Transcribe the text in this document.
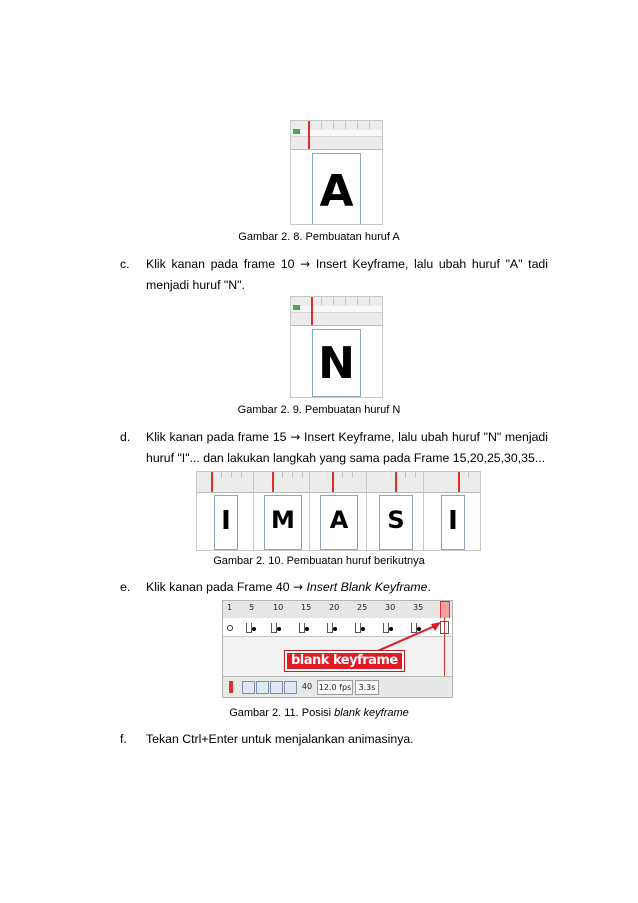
A
Gambar 2. 8. Pembuatan huruf A
c. Klik kanan pada frame 10 → Insert Keyframe, lalu ubah huruf "A" tadi menjadi huruf "N".
N
Gambar 2. 9. Pembuatan huruf N
d. Klik kanan pada frame 15 → Insert Keyframe, lalu ubah huruf "N" menjadi huruf "I"... dan lakukan langkah yang sama pada Frame 15,20,25,30,35...
I M	A	S I
Gambar 2. 10. Pembuatan huruf berikutnya
e. Klik kanan pada Frame 40 → Insert Blank Keyframe.
1 5 10 15 20 25 30 35
blank keyframe
40 12.0 fps 3.3s
Gambar 2. 11. Posisi blank keyframe
f. Tekan Ctrl+Enter untuk menjalankan animasinya.
